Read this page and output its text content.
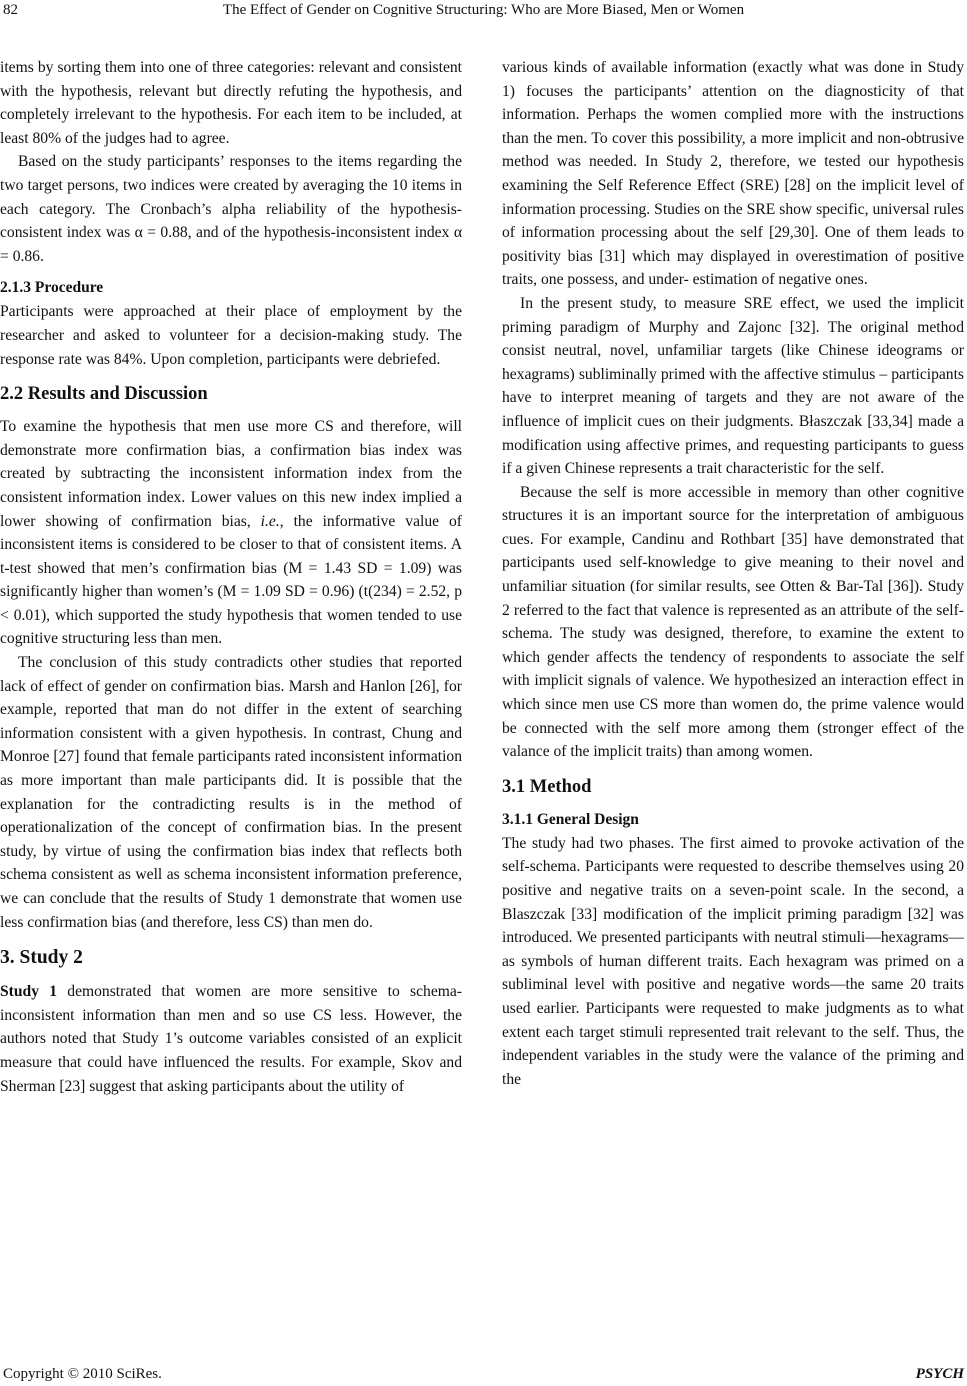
82	The Effect of Gender on Cognitive Structuring: Who are More Biased, Men or Women

items by sorting them into one of three categories: relevant and consistent with the hypothesis, relevant but directly refuting the hypothesis, and completely irrelevant to the hypothesis. For each item to be included, at least 80% of the judges had to agree.

Based on the study participants’ responses to the items regarding the two target persons, two indices were created by averaging the 10 items in each category. The Cronbach’s alpha reliability of the hypothesis-consistent index was α = 0.88, and of the hypothesis-inconsistent index α = 0.86.

2.1.3 Procedure

Participants were approached at their place of employment by the researcher and asked to volunteer for a decision-making study. The response rate was 84%. Upon completion, participants were debriefed.

2.2 Results and Discussion

To examine the hypothesis that men use more CS and therefore, will demonstrate more confirmation bias, a confirmation bias index was created by subtracting the inconsistent information index from the consistent information index. Lower values on this new index implied a lower showing of confirmation bias, i.e., the informative value of inconsistent items is considered to be closer to that of consistent items. A t-test showed that men’s confirmation bias (M = 1.43 SD = 1.09) was significantly higher than women’s (M = 1.09 SD = 0.96) (t(234) = 2.52, p < 0.01), which supported the study hypothesis that women tended to use cognitive structuring less than men.

The conclusion of this study contradicts other studies that reported lack of effect of gender on confirmation bias. Marsh and Hanlon [26], for example, reported that man do not differ in the extent of searching information consistent with a given hypothesis. In contrast, Chung and Monroe [27] found that female participants rated inconsistent information as more important than male participants did. It is possible that the explanation for the contradicting results is in the method of operationalization of the concept of confirmation bias. In the present study, by virtue of using the confirmation bias index that reflects both schema consistent as well as schema inconsistent information preference, we can conclude that the results of Study 1 demonstrate that women use less confirmation bias (and therefore, less CS) than men do.

3. Study 2

Study 1 demonstrated that women are more sensitive to schema-inconsistent information than men and so use CS less. However, the authors noted that Study 1’s outcome variables consisted of an explicit measure that could have influenced the results. For example, Skov and Sherman [23] suggest that asking participants about the utility of

various kinds of available information (exactly what was done in Study 1) focuses the participants’ attention on the diagnosticity of that information. Perhaps the women complied more with the instructions than the men. To cover this possibility, a more implicit and non-obtrusive method was needed. In Study 2, therefore, we tested our hypothesis examining the Self Reference Effect (SRE) [28] on the implicit level of information processing. Studies on the SRE show specific, universal rules of information processing about the self [29,30]. One of them leads to positivity bias [31] which may displayed in overestimation of positive traits, one possess, and under- estimation of negative ones.

In the present study, to measure SRE effect, we used the implicit priming paradigm of Murphy and Zajonc [32]. The original method consist neutral, novel, unfamiliar targets (like Chinese ideograms or hexagrams) subliminally primed with the affective stimulus – participants have to interpret meaning of targets and they are not aware of the influence of implicit cues on their judgments. Błaszczak [33,34] made a modification using affective primes, and requesting participants to guess if a given Chinese represents a trait characteristic for the self.

Because the self is more accessible in memory than other cognitive structures it is an important source for the interpretation of ambiguous cues. For example, Candinu and Rothbart [35] have demonstrated that participants used self-knowledge to give meaning to their novel and unfamiliar situation (for similar results, see Otten & Bar-Tal [36]). Study 2 referred to the fact that valence is represented as an attribute of the self-schema. The study was designed, therefore, to examine the extent to which gender affects the tendency of respondents to associate the self with implicit signals of valence. We hypothesized an interaction effect in which since men use CS more than women do, the prime valence would be connected with the self more among them (stronger effect of the valance of the implicit traits) than among women.

3.1 Method

3.1.1 General Design

The study had two phases. The first aimed to provoke activation of the self-schema. Participants were requested to describe themselves using 20 positive and negative traits on a seven-point scale. In the second, a Blaszczak [33] modification of the implicit priming paradigm [32] was introduced. We presented participants with neutral stimuli—hexagrams—as symbols of human different traits. Each hexagram was primed on a subliminal level with positive and negative words—the same 20 traits used earlier. Participants were requested to make judgments as to what extent each target stimuli represented trait relevant to the self. Thus, the independent variables in the study were the valance of the priming and the

Copyright © 2010 SciRes.	PSYCH
